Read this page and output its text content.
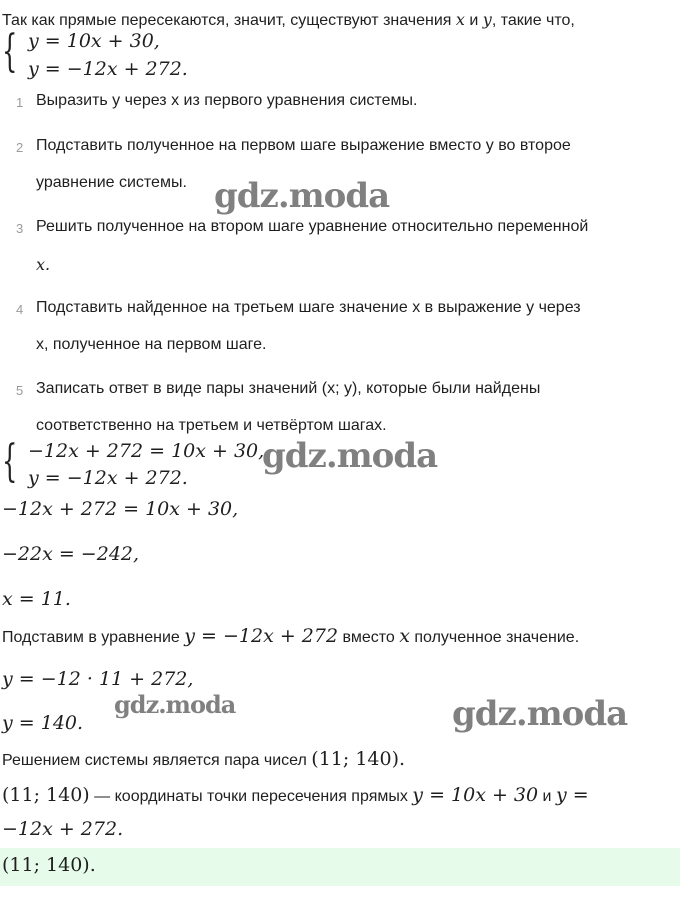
Так как прямые пересекаются, значит, существуют значения x и y, такие что,
{ y = 10x + 30,
y = −12x + 272.
1 Выразить y через x из первого уравнения системы.
2 Подставить полученное на первом шаге выражение вместо y во второе
уравнение системы.
3 Решить полученное на втором шаге уравнение относительно переменной
x.
4 Подставить найденное на третьем шаге значение x в выражение y через
x, полученное на первом шаге.
5 Записать ответ в виде пары значений (x; y), которые были найдены
соответственно на третьем и четвёртом шагах.
{ −12x + 272 = 10x + 30,
y = −12x + 272.
−12x + 272 = 10x + 30,
−22x = −242,
x = 11.
Подставим в уравнение y = −12x + 272 вместо x полученное значение.
y = −12 · 11 + 272,
y = 140.
Решением системы является пара чисел (11; 140).
(11; 140) — координаты точки пересечения прямых y = 10x + 30 и y =
−12x + 272.
(11; 140).
gdz.moda
gdz.moda
gdz.moda	gdz.moda
